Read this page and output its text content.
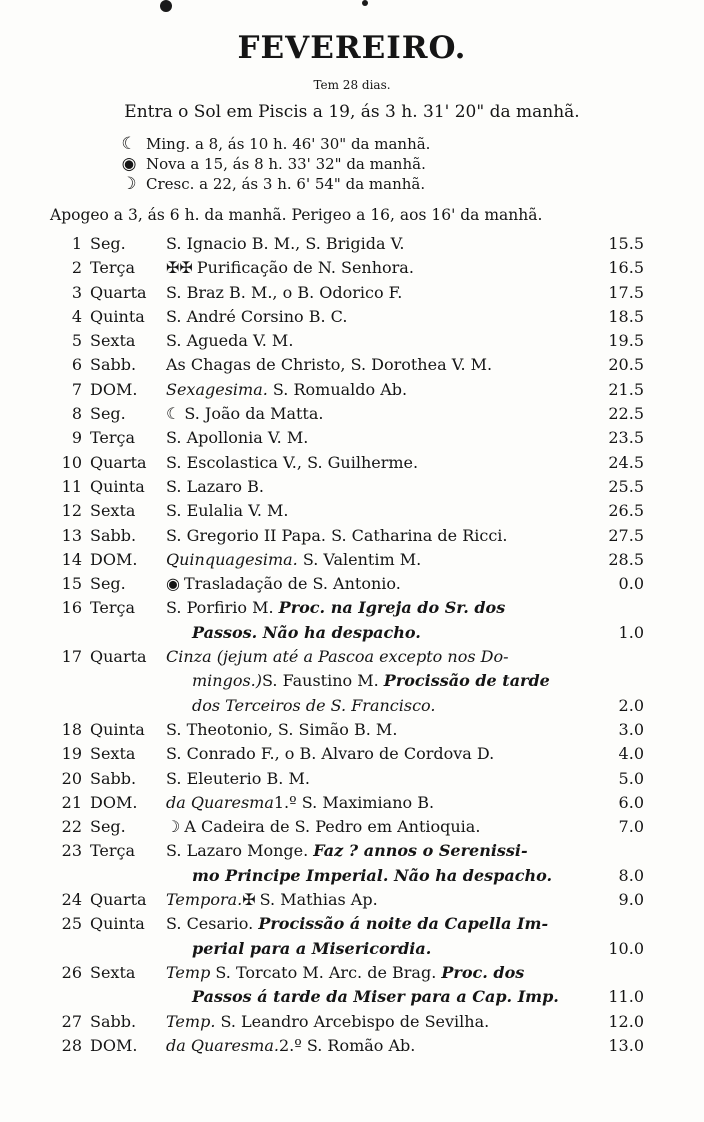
FEVEREIRO.
Tem 28 dias.
Entra o Sol em Piscis a 19, ás 3 h. 31' 20" da manhã.
☾ Ming. a 8, ás 10 h. 46' 30" da manhã.
◉ Nova a 15, ás 8 h. 33' 32" da manhã.
☽ Cresc. a 22, ás 3 h. 6' 54" da manhã.
Apogeo a 3, ás 6 h. da manhã. Perigeo a 16, aos 16' da manhã.
1 Seg.	S. Ignacio B. M., S. Brigida V.	15.5
2 Terça	✠✠ Purificação de N. Senhora.	16.5
3 Quarta	S. Braz B. M., o B. Odorico F.	17.5
4 Quinta	S. André Corsino B. C.	18.5
5 Sexta	S. Agueda V. M.	19.5
6 Sabb.	As Chagas de Christo, S. Dorothea V. M.	20.5
7 DOM.	Sexagesima. S. Romualdo Ab.	21.5
8 Seg.	☾ S. João da Matta.	22.5
9 Terça	S. Apollonia V. M.	23.5
10 Quarta	S. Escolastica V., S. Guilherme.	24.5
11 Quinta	S. Lazaro B.	25.5
12 Sexta	S. Eulalia V. M.	26.5
13 Sabb.	S. Gregorio II Papa. S. Catharina de Ricci.	27.5
14 DOM.	Quinquagesima. S. Valentim M.	28.5
15 Seg.	◉ Trasladação de S. Antonio.	0.0
16 Terça	S. Porfirio M. Proc. na Igreja do Sr. dos
Passos. Não ha despacho.	1.0
17 Quarta	Cinza (jejum até a Pascoa excepto nos Do-
mingos.)S. Faustino M. Procissão de tarde
dos Terceiros de S. Francisco.	2.0
18 Quinta	S. Theotonio, S. Simão B. M.	3.0
19 Sexta	S. Conrado F., o B. Alvaro de Cordova D.	4.0
20 Sabb.	S. Eleuterio B. M.	5.0
21 DOM.	da Quaresma1.º S. Maximiano B.	6.0
22 Seg.	☽ A Cadeira de S. Pedro em Antioquia.	7.0
23 Terça	S. Lazaro Monge. Faz ? annos o Serenissi-
mo Principe Imperial. Não ha despacho.	8.0
24 Quarta	Tempora.✠ S. Mathias Ap.	9.0
25 Quinta	S. Cesario. Procissão á noite da Capella Im-
perial para a Misericordia.	10.0
26 Sexta	Temp S. Torcato M. Arc. de Brag. Proc. dos
Passos á tarde da Miser para a Cap. Imp.	11.0
27 Sabb.	Temp. S. Leandro Arcebispo de Sevilha.	12.0
28 DOM.	da Quaresma.2.º S. Romão Ab.	13.0
